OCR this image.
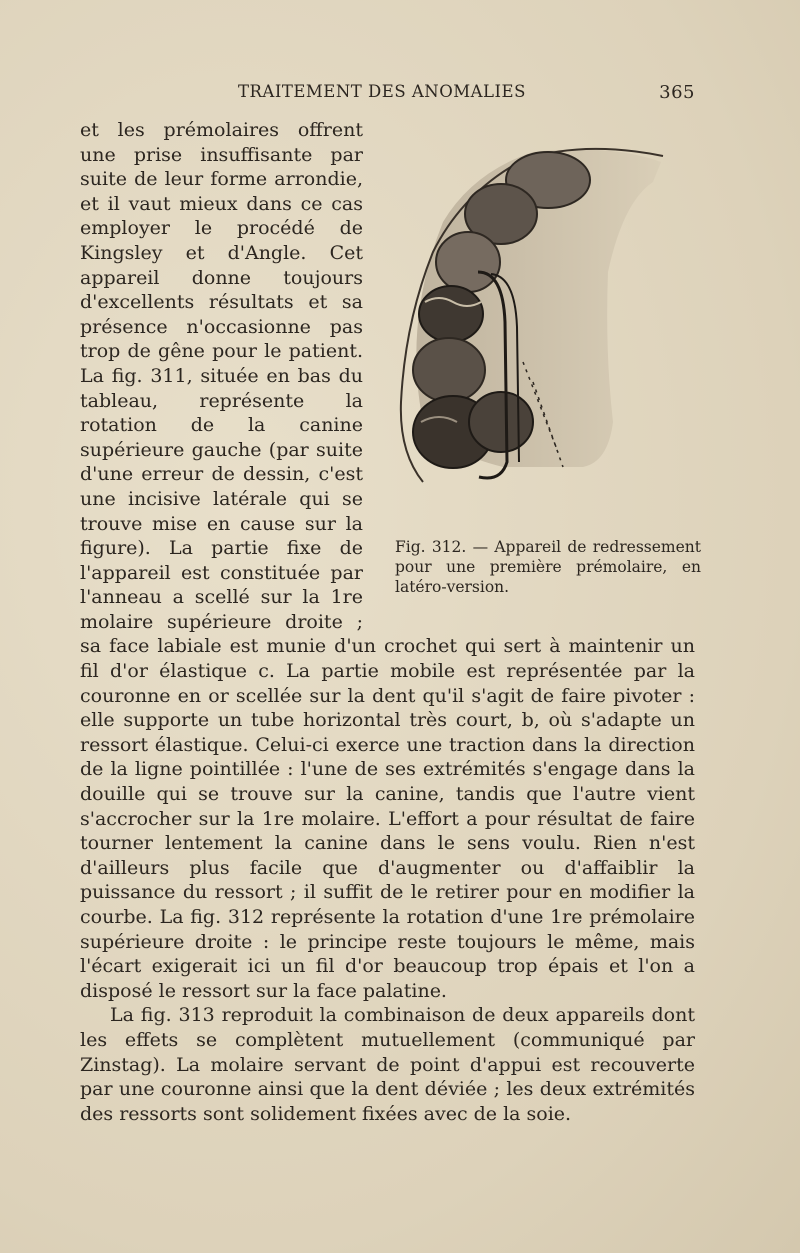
TRAITEMENT DES ANOMALIES	365

Fig. 312. — Appareil de redressement pour une première prémolaire, en latéro-version.
et les prémolaires offrent une prise insuffisante par suite de leur forme arrondie, et il vaut mieux dans ce cas employer le procédé de Kingsley et d'Angle. Cet appareil donne toujours d'excellents résultats et sa présence n'occasionne pas trop de gêne pour le patient. La fig. 311, située en bas du tableau, représente la rotation de la canine supérieure gauche (par suite d'une erreur de dessin, c'est une incisive latérale qui se trouve mise en cause sur la figure). La partie fixe de l'appareil est constituée par l'anneau a scellé sur la 1re molaire supérieure droite ; sa face labiale est munie d'un crochet qui sert à maintenir un fil d'or élastique c. La partie mobile est représentée par la couronne en or scellée sur la dent qu'il s'agit de faire pivoter : elle supporte un tube horizontal très court, b, où s'adapte un ressort élastique. Celui-ci exerce une traction dans la direction de la ligne pointillée : l'une de ses extrémités s'engage dans la douille qui se trouve sur la canine, tandis que l'autre vient s'accrocher sur la 1re molaire. L'effort a pour résultat de faire tourner lentement la canine dans le sens voulu. Rien n'est d'ailleurs plus facile que d'augmenter ou d'affaiblir la puissance du ressort ; il suffit de le retirer pour en modifier la courbe. La fig. 312 représente la rotation d'une 1re prémolaire supérieure droite : le principe reste toujours le même, mais l'écart exigerait ici un fil d'or beaucoup trop épais et l'on a disposé le ressort sur la face palatine.

La fig. 313 reproduit la combinaison de deux appareils dont les effets se complètent mutuellement (communiqué par Zinstag). La molaire servant de point d'appui est recouverte par une couronne ainsi que la dent déviée ; les deux extrémités des ressorts sont solidement fixées avec de la soie.
